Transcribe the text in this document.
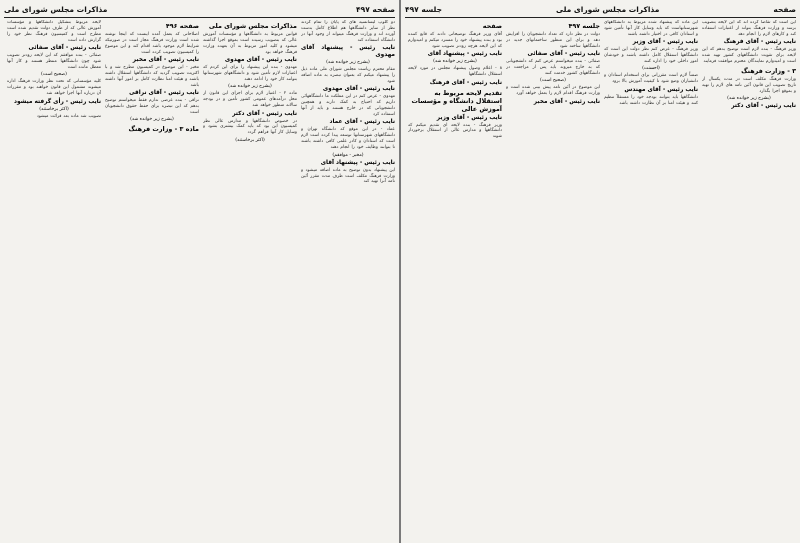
صفحه ۴۹۷
مذاکرات مجلس شورای ملی
دو کلوپ لیسانسیه های که پایان را تمام کردند نظر از سایر دانشگاهها هم اطلاع کامل بدست آورده اند و وزارت فرهنگ میتواند از وجود آنها در دانشگاه استفاده کند
نایب رئیس - پیشنهاد آقای مهدوی
(بشرح زیر خوانده شد)
مقام محترم ریاست مجلس شورای ملی ماده ذیل را پیشنهاد میکنم که بعنوان تبصره به ماده اضافه شود
نایب رئیس - آقای مهدوی
مهدوی - عرض کنم در این مملکت ما دانشگاههائی داریم که احتیاج به کمک دارند و همچنین دانشجویانی که در خارج هستند و باید از آنها استفاده کرد
نایب رئیس - آقای عماد
عماد - در این موقع که دانشگاه تهران و دانشگاههای شهرستانها توسعه پیدا کرده است لازم است که استادان و کادر علمی کافی داشته باشند تا بتوانند وظایف خود را انجام دهند
(مخبر - موافقم)
نایب رئیس - پیشنهاد آقای
این پیشنهاد بدون توضیح به ماده اضافه میشود و وزارت فرهنگ مکلف است ظرف مدت مقرر آئین نامه آنرا تهیه کند
مذاکرات مجلس شورای ملی
قوانین مربوط به دانشگاهها و مؤسسات آموزش عالی که بتصویب رسیده است بموقع اجرا گذاشته میشود و کلیه امور مربوط به آن بعهده وزارت فرهنگ خواهد بود
نایب رئیس - آقای مهدوی
مهدوی - بنده این پیشنهاد را برای این کردم که اعتبارات لازم تأمین شود و دانشگاههای شهرستانها بتوانند کار خود را ادامه دهند
(بشرح زیر خوانده شد)
ماده ۲ - اعتبار لازم برای اجرای این قانون از محل درآمدهای عمومی کشور تأمین و در بودجه سالانه منظور خواهد شد
نایب رئیس - آقای دکتر
در خصوص دانشگاهها و مدارس عالی نظر کمیسیون این بود که باید کمک بیشتری بشود و وسایل کار آنها فراهم گردد
(اکثر برخاستند)
صفحه ۴۹۶
اصلاحاتی که بعمل آمده اینست که اینجا نوشته شده است وزارت فرهنگ مجاز است در صورتیکه شرایط لازم موجود باشد اقدام کند و این موضوع را کمیسیون تصویب کرده است
نایب رئیس - آقای مخبر
مخبر - این موضوع در کمیسیون مطرح شد و با اکثریت تصویب گردید که دانشگاهها استقلال داشته باشند و هیئت امنا نظارت کامل بر امور آنها داشته باشد
نایب رئیس - آقای نراقی
نراقی - بنده عرضی ندارم فقط میخواستم توضیح بدهم که این تبصره برای حفظ حقوق دانشجویان است
(بشرح زیر خوانده شد)
ماده ۳ - وزارت فرهنگ
لایحه مربوط بتشکیل دانشگاهها و مؤسسات آموزش عالی که از طرف دولت تقدیم شده است مطرح است و کمیسیون فرهنگ نظر خود را گزارش داده است
نایب رئیس - آقای صفائی
صفائی - بنده موافقم که این لایحه زودتر تصویب شود چون دانشگاهها منتظر هستند و کار آنها معطل مانده است
(صحیح است)
کلیه مؤسساتی که تحت نظر وزارت فرهنگ اداره میشوند مشمول این قانون خواهند بود و مقررات آن درباره آنها اجرا خواهد شد
نایب رئیس - رأی گرفته میشود
(اکثر برخاستند)
تصویب شد ماده بعد قرائت میشود
صفحه
مذاکرات مجلس شورای ملی
جلسه ۴۹۷
این است که تقاضا کرده اند که این لایحه بتصویب برسد و وزارت فرهنگ بتواند از اعتبارات استفاده کند و کارهای لازم را انجام دهد
نایب رئیس - آقای فرهنگ
وزیر فرهنگ - بنده لازم است توضیح بدهم که این لایحه برای تقویت دانشگاههای کشور تهیه شده است و امیدوارم نمایندگان محترم موافقت فرمایند
۳ - وزارت فرهنگ
وزارت فرهنگ مکلف است در مدت یکسال از تاریخ تصویب این قانون آئین نامه های لازم را تهیه و بموقع اجرا بگذارد
(بشرح زیر خوانده شد)
نایب رئیس - آقای دکتر
این ماده که پیشنهاد شده مربوط به دانشگاههای شهرستانهاست که باید وسایل کار آنها تأمین شود و استادان کافی در اختیار داشته باشند
نایب رئیس - آقای وزیر
وزیر فرهنگ - عرض کنم نظر دولت این است که دانشگاهها استقلال کامل داشته باشند و خودشان امور داخلی خود را اداره کنند
(احسنت)
ضمناً لازم است مقرراتی برای استخدام استادان و دانشیاران وضع شود تا کیفیت آموزش بالا برود
نایب رئیس - آقای مهندس
دانشگاهها باید بتوانند بودجه خود را مستقلاً تنظیم کنند و هیئت امنا بر آن نظارت داشته باشد
جلسه ۴۹۷
دولت در نظر دارد که تعداد دانشجویان را افزایش دهد و برای این منظور ساختمانهای جدید در دانشگاهها ساخته شود
نایب رئیس - آقای صفائی
صفائی - بنده میخواستم عرض کنم که دانشجویانی که به خارج میروند باید پس از مراجعت در دانشگاههای کشور خدمت کنند
(صحیح است)
این موضوع در آئین نامه پیش بینی شده است و وزارت فرهنگ اقدام لازم را بعمل خواهد آورد
نایب رئیس - آقای مخبر
صفحه
آقای وزیر فرهنگ توضیحاتی دادند که قانع کننده بود و بنده پیشنهاد خود را مسترد میکنم و امیدوارم که این لایحه هرچه زودتر تصویب شود
نایب رئیس - پیشنهاد آقای
(بشرح زیر خوانده شد)
۸ - اعلام وصول پیشنهاد مجلس در مورد لایحه استقلال دانشگاهها
نایب رئیس - آقای فرهنگ
تقدیم لایحه مربوط به استقلال دانشگاه و مؤسسات آموزش عالی
نایب رئیس - آقای وزیر
وزیر فرهنگ - بنده لایحه ای تقدیم میکنم که دانشگاهها و مدارس عالی از استقلال برخوردار شوند
